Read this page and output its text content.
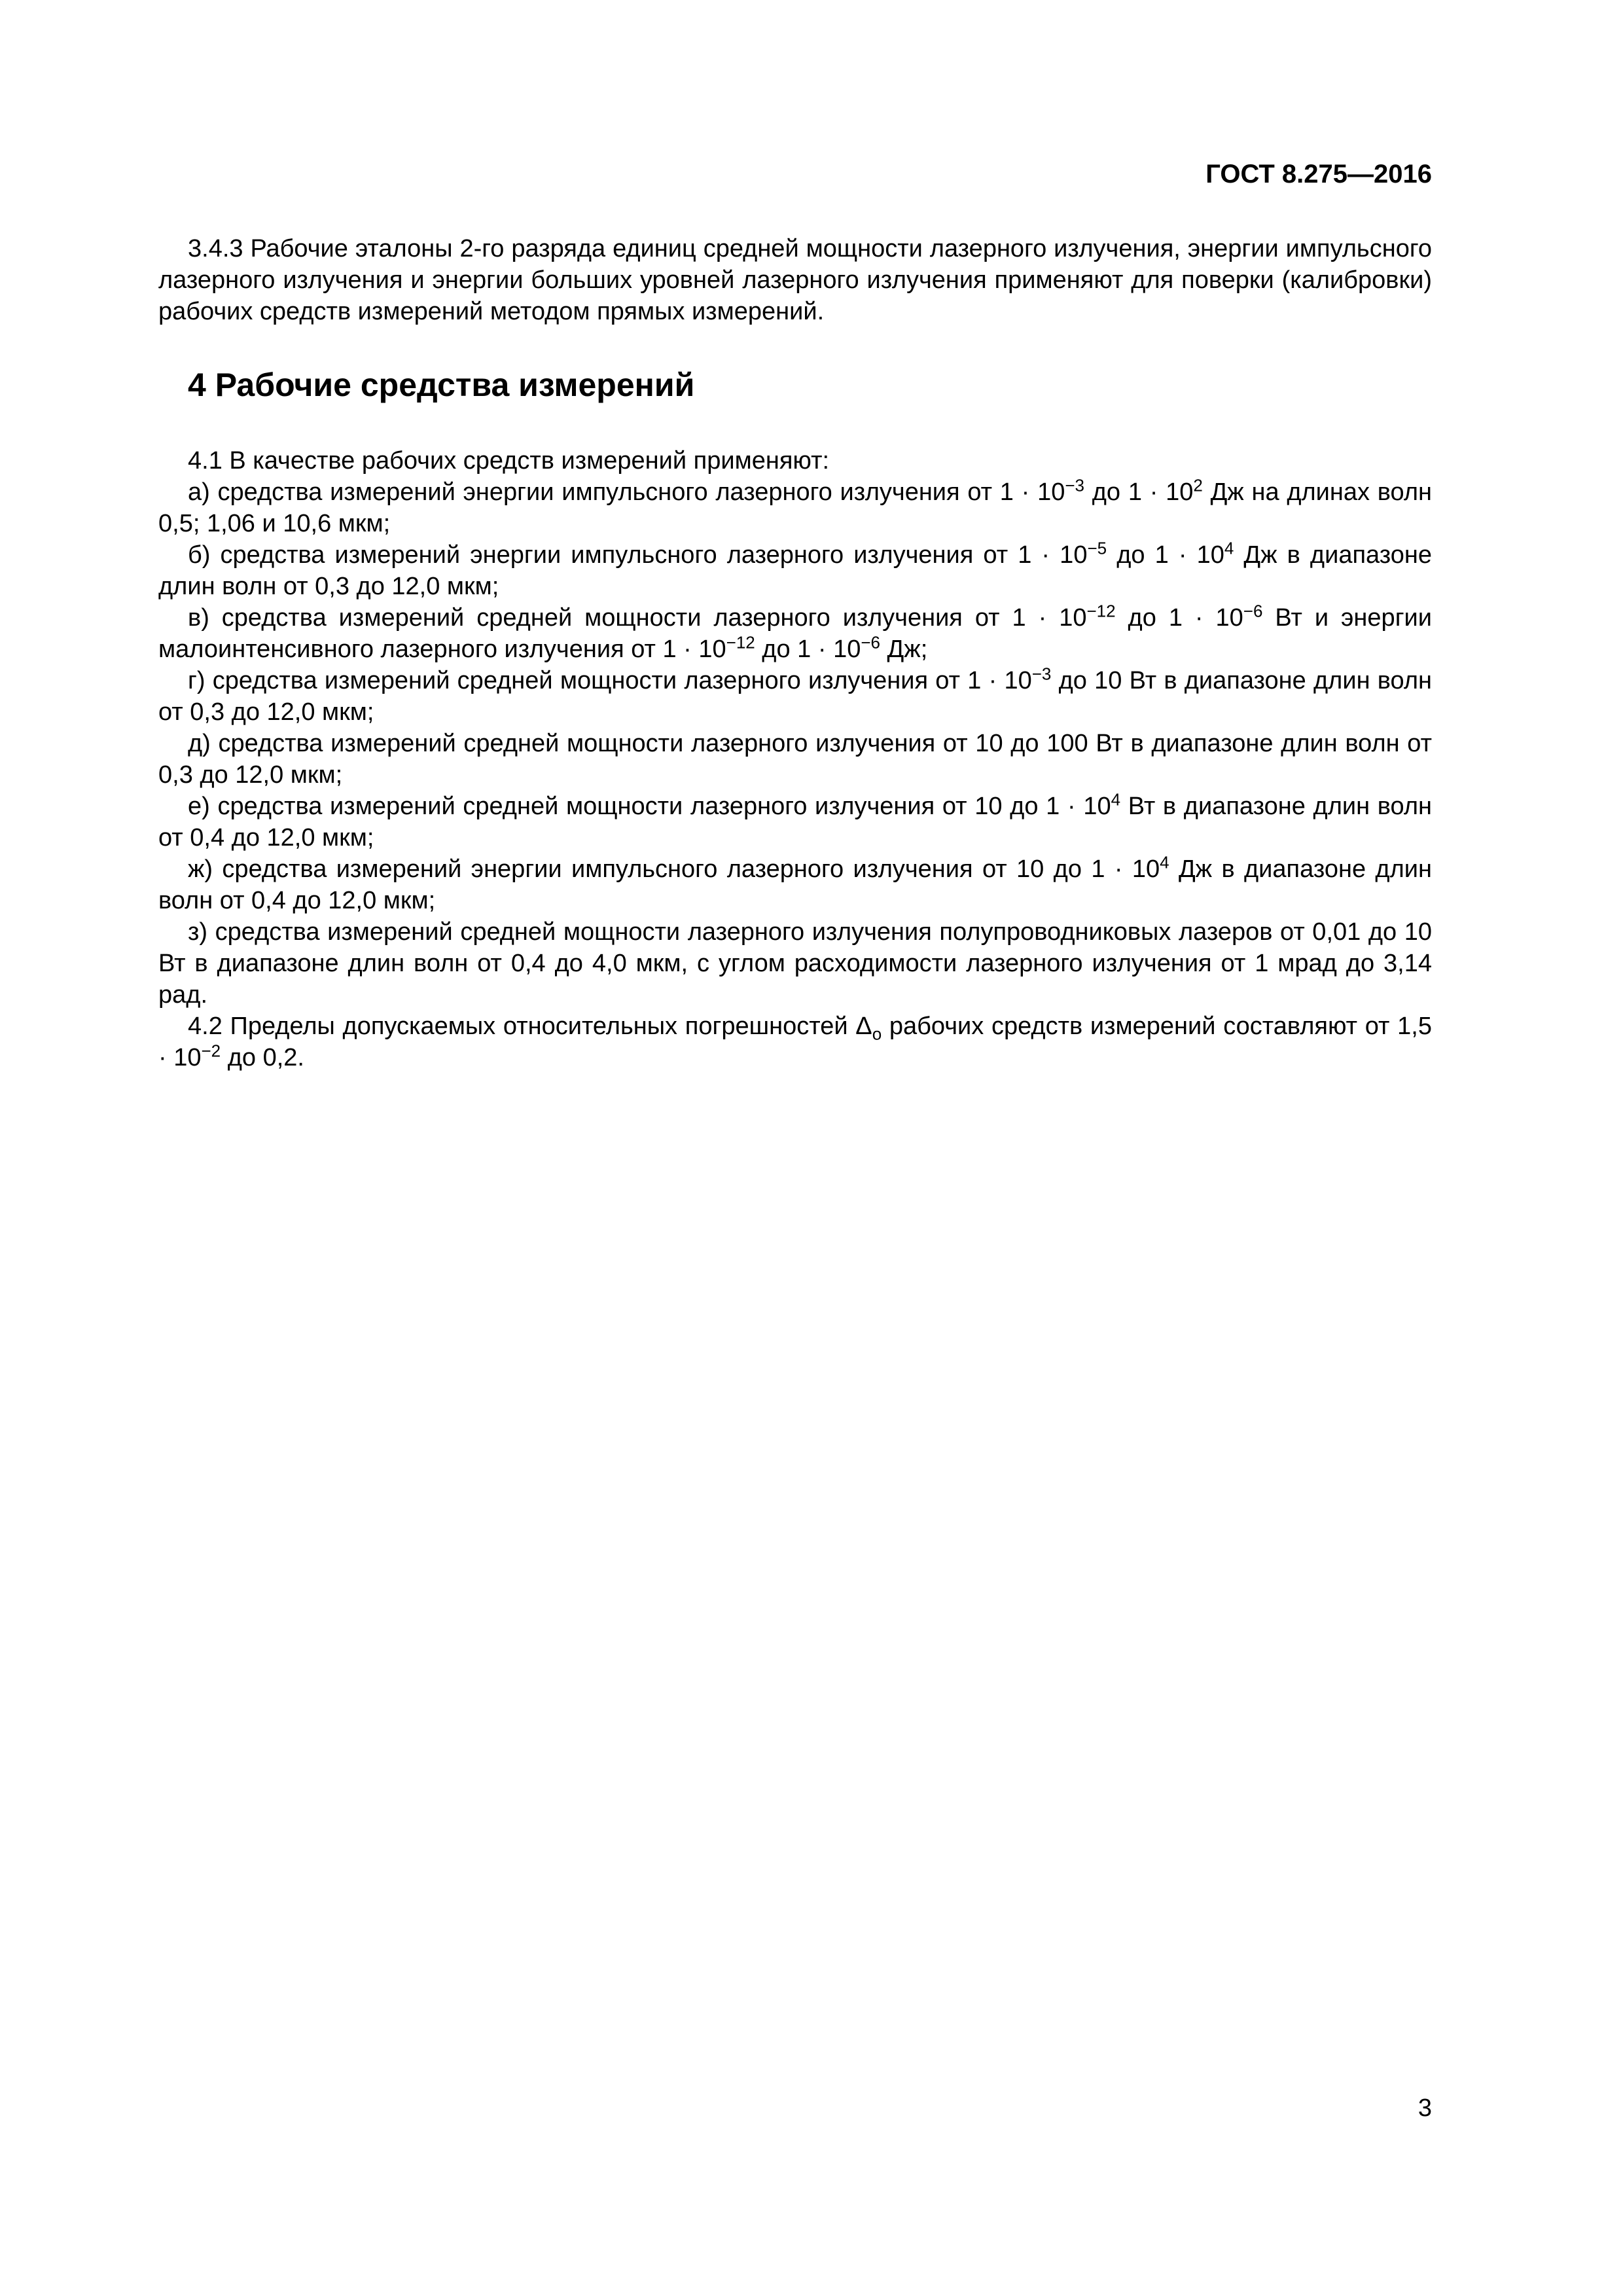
ГОСТ 8.275—2016

3.4.3 Рабочие эталоны 2-го разряда единиц средней мощности лазерного излучения, энергии импульсного лазерного излучения и энергии больших уровней лазерного излучения применяют для поверки (калибровки) рабочих средств измерений методом прямых измерений.

4 Рабочие средства измерений

4.1 В качестве рабочих средств измерений применяют:

а) средства измерений энергии импульсного лазерного излучения от $1 \cdot 10^{-3}$ до $1 \cdot 10^2$ Дж на длинах волн 0,5; 1,06 и 10,6 мкм;

б) средства измерений энергии импульсного лазерного излучения от $1 \cdot 10^{-5}$ до $1 \cdot 10^4$ Дж в диапазоне длин волн от 0,3 до 12,0 мкм;

в) средства измерений средней мощности лазерного излучения от $1 \cdot 10^{-12}$ до $1 \cdot 10^{-6}$ Вт и энергии малоинтенсивного лазерного излучения от $1 \cdot 10^{-12}$ до $1 \cdot 10^{-6}$ Дж;

г) средства измерений средней мощности лазерного излучения от $1 \cdot 10^{-3}$ до 10 Вт в диапазоне длин волн от 0,3 до 12,0 мкм;

д) средства измерений средней мощности лазерного излучения от 10 до 100 Вт в диапазоне длин волн от 0,3 до 12,0 мкм;

е) средства измерений средней мощности лазерного излучения от 10 до $1 \cdot 10^4$ Вт в диапазоне длин волн от 0,4 до 12,0 мкм;

ж) средства измерений энергии импульсного лазерного излучения от 10 до $1 \cdot 10^4$ Дж в диапазоне длин волн от 0,4 до 12,0 мкм;

з) средства измерений средней мощности лазерного излучения полупроводниковых лазеров от 0,01 до 10 Вт в диапазоне длин волн от 0,4 до 4,0 мкм, с углом расходимости лазерного излучения от 1 мрад до 3,14 рад.

4.2 Пределы допускаемых относительных погрешностей $\Delta_o$ рабочих средств измерений составляют от $1,5 \cdot 10^{-2}$ до 0,2.

3
